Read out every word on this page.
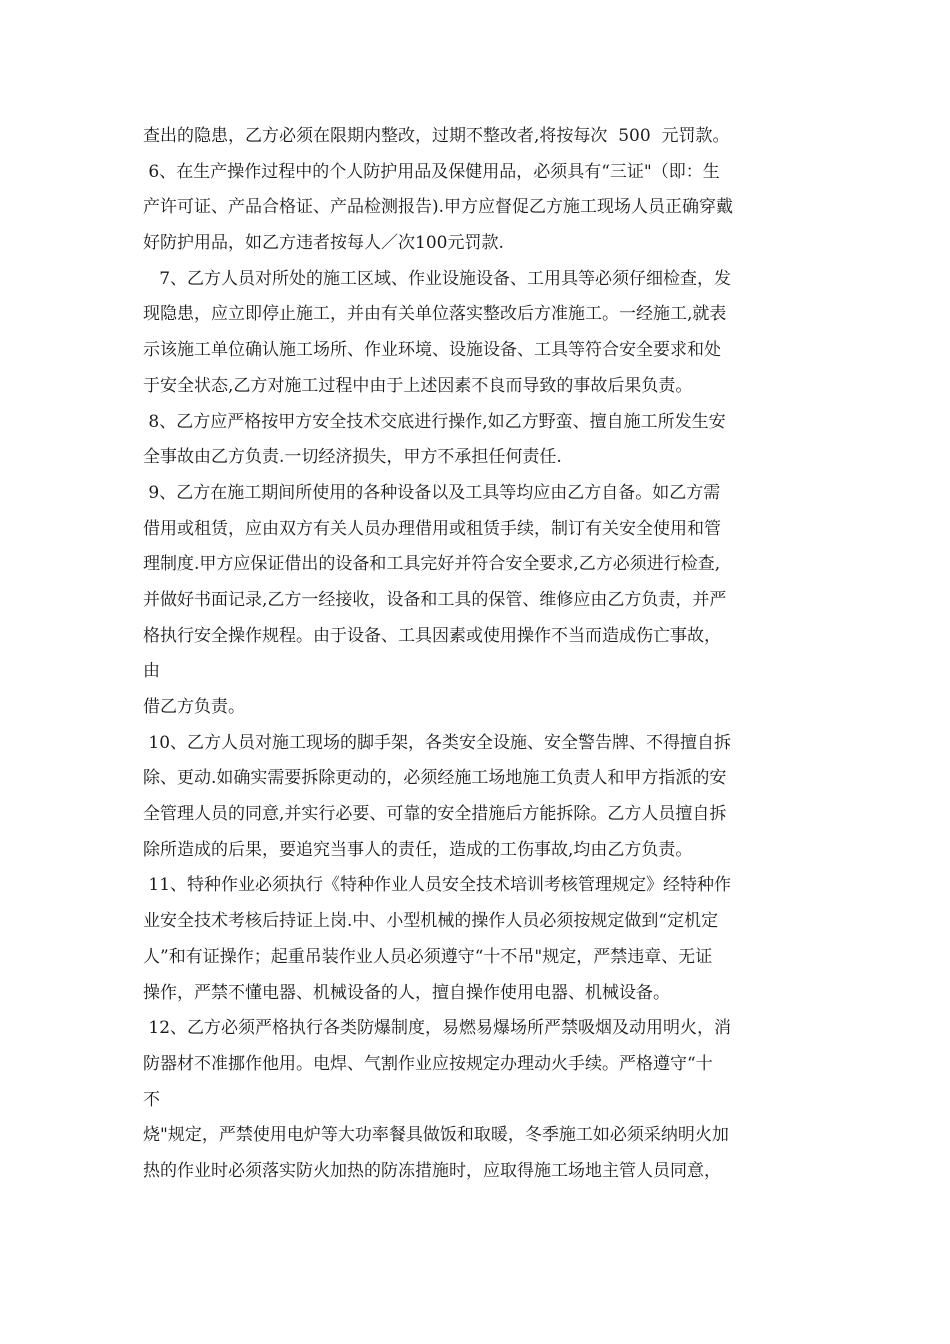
查出的隐患，乙方必须在限期内整改，过期不整改者,将按每次  500  元罚款。
6、在生产操作过程中的个人防护用品及保健用品，必须具有“三证"（即：生
产许可证、产品合格证、产品检测报告).甲方应督促乙方施工现场人员正确穿戴
好防护用品，如乙方违者按每人／次100元罚款.
7、乙方人员对所处的施工区域、作业设施设备、工用具等必须仔细检查，发
现隐患，应立即停止施工，并由有关单位落实整改后方准施工。一经施工,就表
示该施工单位确认施工场所、作业环境、设施设备、工具等符合安全要求和处
于安全状态,乙方对施工过程中由于上述因素不良而导致的事故后果负责。
8、乙方应严格按甲方安全技术交底进行操作,如乙方野蛮、擅自施工所发生安
全事故由乙方负责.一切经济损失，甲方不承担任何责任.
9、乙方在施工期间所使用的各种设备以及工具等均应由乙方自备。如乙方需
借用或租赁，应由双方有关人员办理借用或租赁手续，制订有关安全使用和管
理制度.甲方应保证借出的设备和工具完好并符合安全要求,乙方必须进行检查,
并做好书面记录,乙方一经接收，设备和工具的保管、维修应由乙方负责，并严
格执行安全操作规程。由于设备、工具因素或使用操作不当而造成伤亡事故，
由
借乙方负责。
10、乙方人员对施工现场的脚手架，各类安全设施、安全警告牌、不得擅自拆
除、更动.如确实需要拆除更动的，必须经施工场地施工负责人和甲方指派的安
全管理人员的同意,并实行必要、可靠的安全措施后方能拆除。乙方人员擅自拆
除所造成的后果，要追究当事人的责任，造成的工伤事故,均由乙方负责。
11、特种作业必须执行《特种作业人员安全技术培训考核管理规定》经特种作
业安全技术考核后持证上岗.中、小型机械的操作人员必须按规定做到“定机定
人”和有证操作；起重吊装作业人员必须遵守“十不吊"规定，严禁违章、无证
操作，严禁不懂电器、机械设备的人，擅自操作使用电器、机械设备。
12、乙方必须严格执行各类防爆制度，易燃易爆场所严禁吸烟及动用明火，消
防器材不准挪作他用。电焊、气割作业应按规定办理动火手续。严格遵守“十
不
烧"规定，严禁使用电炉等大功率餐具做饭和取暖，冬季施工如必须采纳明火加
热的作业时必须落实防火加热的防冻措施时，应取得施工场地主管人员同意，
